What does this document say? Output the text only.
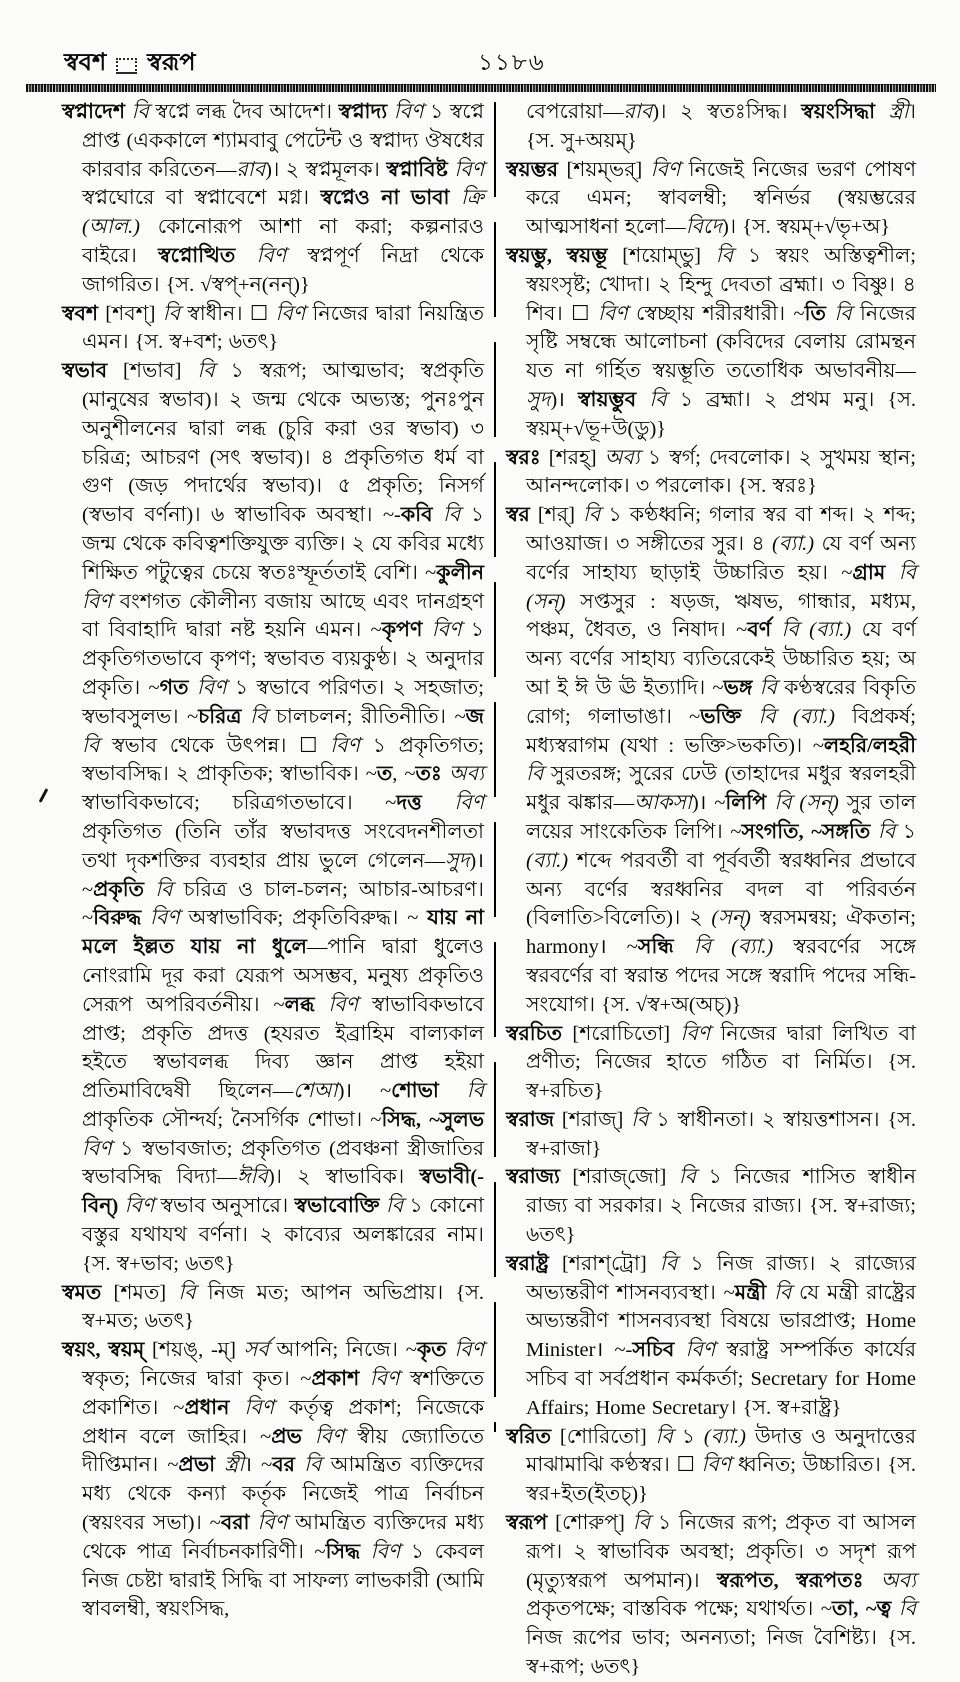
স্ববশ স্বরূপ	১১৮৬

স্বপ্নাদেশ বি স্বপ্নে লব্ধ দৈব আদেশ। স্বপ্নাদ্য বিণ ১ স্বপ্নে প্রাপ্ত (এককালে শ্যামবাবু পেটেন্ট ও স্বপ্নাদ্য ঔষধের কারবার করিতেন—রাব)। ২ স্বপ্নমূলক। স্বপ্নাবিষ্ট বিণ স্বপ্নঘোরে বা স্বপ্নাবেশে মগ্ন। স্বপ্নেও না ভাবা ক্রি (আল.) কোনোরূপ আশা না করা; কল্পনারও বাইরে। স্বপ্নোত্থিত বিণ স্বপ্নপূর্ণ নিদ্রা থেকে জাগরিত। {স. √স্বপ্+ন(নন্)}

স্ববশ [শবশ্] বি স্বাধীন। ☐ বিণ নিজের দ্বারা নিয়ন্ত্রিত এমন। {স. স্ব+বশ; ৬তৎ}

স্বভাব [শভাব] বি ১ স্বরূপ; আত্মভাব; স্বপ্রকৃতি (মানুষের স্বভাব)। ২ জন্ম থেকে অভ্যস্ত; পুনঃপুন অনুশীলনের দ্বারা লব্ধ (চুরি করা ওর স্বভাব) ৩ চরিত্র; আচরণ (সৎ স্বভাব)। ৪ প্রকৃতিগত ধর্ম বা গুণ (জড় পদার্থের স্বভাব)। ৫ প্রকৃতি; নিসর্গ (স্বভাব বর্ণনা)। ৬ স্বাভাবিক অবস্থা। ~-কবি বি ১ জন্ম থেকে কবিত্বশক্তিযুক্ত ব্যক্তি। ২ যে কবির মধ্যে শিক্ষিত পটুত্বের চেয়ে স্বতঃস্ফূর্ততাই বেশি। ~কুলীন বিণ বংশগত কৌলীন্য বজায় আছে এবং দানগ্রহণ বা বিবাহাদি দ্বারা নষ্ট হয়নি এমন। ~কৃপণ বিণ ১ প্রকৃতিগতভাবে কৃপণ; স্বভাবত ব্যয়কুণ্ঠ। ২ অনুদার প্রকৃতি। ~গত বিণ ১ স্বভাবে পরিণত। ২ সহজাত; স্বভাবসুলভ। ~চরিত্র বি চালচলন; রীতিনীতি। ~জ বি স্বভাব থেকে উৎপন্ন। ☐ বিণ ১ প্রকৃতিগত; স্বভাবসিদ্ধ। ২ প্রাকৃতিক; স্বাভাবিক। ~ত, ~তঃ অব্য স্বাভাবিকভাবে; চরিত্রগতভাবে। ~দত্ত বিণ প্রকৃতিগত (তিনি তাঁর স্বভাবদত্ত সংবেদনশীলতা তথা দৃকশক্তির ব্যবহার প্রায় ভুলে গেলেন—সুদ)। ~প্রকৃতি বি চরিত্র ও চাল-চলন; আচার-আচরণ। ~বিরুদ্ধ বিণ অস্বাভাবিক; প্রকৃতিবিরুদ্ধ। ~ যায় না মলে ইল্লত যায় না ধুলে—পানি দ্বারা ধুলেও নোংরামি দূর করা যেরূপ অসম্ভব, মনুষ্য প্রকৃতিও সেরূপ অপরিবর্তনীয়। ~লব্ধ বিণ স্বাভাবিকভাবে প্রাপ্ত; প্রকৃতি প্রদত্ত (হযরত ইব্রাহিম বাল্যকাল হইতে স্বভাবলব্ধ দিব্য জ্ঞান প্রাপ্ত হইয়া প্রতিমাবিদ্বেষী ছিলেন—শেআ)। ~শোভা বি প্রাকৃতিক সৌন্দর্য; নৈসর্গিক শোভা। ~সিদ্ধ, ~সুলভ বিণ ১ স্বভাবজাত; প্রকৃতিগত (প্রবঞ্চনা স্ত্রীজাতির স্বভাবসিদ্ধ বিদ্যা—ঈবি)। ২ স্বাভাবিক। স্বভাবী(-বিন্) বিণ স্বভাব অনুসারে। স্বভাবোক্তি বি ১ কোনো বস্তুর যথাযথ বর্ণনা। ২ কাব্যের অলঙ্কারের নাম। {স. স্ব+ভাব; ৬তৎ}

স্বমত [শমত] বি নিজ মত; আপন অভিপ্রায়। {স. স্ব+মত; ৬তৎ}

স্বয়ং, স্বয়ম্ [শয়ঙ্, -ম্] সর্ব আপনি; নিজে। ~কৃত বিণ স্বকৃত; নিজের দ্বারা কৃত। ~প্রকাশ বিণ স্বশক্তিতে প্রকাশিত। ~প্রধান বিণ কর্তৃত্ব প্রকাশ; নিজেকে প্রধান বলে জাহির। ~প্রভ বিণ স্বীয় জ্যোতিতে দীপ্তিমান। ~প্রভা স্ত্রী। ~বর বি আমন্ত্রিত ব্যক্তিদের মধ্য থেকে কন্যা কর্তৃক নিজেই পাত্র নির্বাচন (স্বয়ংবর সভা)। ~বরা বিণ আমন্ত্রিত ব্যক্তিদের মধ্য থেকে পাত্র নির্বাচনকারিণী। ~সিদ্ধ বিণ ১ কেবল নিজ চেষ্টা দ্বারাই সিদ্ধি বা সাফল্য লাভকারী (আমি স্বাবলম্বী, স্বয়ংসিদ্ধ,

বেপরোয়া—রাব)। ২ স্বতঃসিদ্ধ। স্বয়ংসিদ্ধা স্ত্রী। {স. সু+অয়ম্}

স্বয়ম্ভর [শয়ম্‌ভর্] বিণ নিজেই নিজের ভরণ পোষণ করে এমন; স্বাবলম্বী; স্বনির্ভর (স্বয়ম্ভরের আত্মসাধনা হলো—বিদে)। {স. স্বয়ম্+√ভৃ+অ}

স্বয়ম্ভু, স্বয়ম্ভূ [শয়োম্‌ভু] বি ১ স্বয়ং অস্তিত্বশীল; স্বয়ংসৃষ্ট; খোদা। ২ হিন্দু দেবতা ব্রহ্মা। ৩ বিষ্ণু। ৪ শিব। ☐ বিণ স্বেচ্ছায় শরীরধারী। ~তি বি নিজের সৃষ্টি সম্বন্ধে আলোচনা (কবিদের বেলায় রোমন্থন যত না গর্হিত স্বয়ম্ভূতি ততোধিক অভাবনীয়—সুদ)। স্বায়ম্ভুব বি ১ ব্রহ্মা। ২ প্রথম মনু। {স. স্বয়ম্+√ভূ+উ(ডু)}

স্বরঃ [শরহ্] অব্য ১ স্বর্গ; দেবলোক। ২ সুখময় স্থান; আনন্দলোক। ৩ পরলোক। {স. স্বরঃ}

স্বর [শর্] বি ১ কণ্ঠধ্বনি; গলার স্বর বা শব্দ। ২ শব্দ; আওয়াজ। ৩ সঙ্গীতের সুর। ৪ (ব্যা.) যে বর্ণ অন্য বর্ণের সাহায্য ছাড়াই উচ্চারিত হয়। ~গ্রাম বি (সন্) সপ্তসুর : ষড়জ, ঋষভ, গান্ধার, মধ্যম, পঞ্চম, ধৈবত, ও নিষাদ। ~বর্ণ বি (ব্যা.) যে বর্ণ অন্য বর্ণের সাহায্য ব্যতিরেকেই উচ্চারিত হয়; অ আ ই ঈ উ ঊ ইত্যাদি। ~ভঙ্গ বি কণ্ঠস্বরের বিকৃতি রোগ; গলাভাঙা। ~ভক্তি বি (ব্যা.) বিপ্রকর্ষ; মধ্যস্বরাগম (যথা : ভক্তি>ভকতি)। ~লহরি/লহরী বি সুরতরঙ্গ; সুরের ঢেউ (তাহাদের মধুর স্বরলহরী মধুর ঝঙ্কার—আকসা)। ~লিপি বি (সন্) সুর তাল লয়ের সাংকেতিক লিপি। ~সংগতি, ~সঙ্গতি বি ১ (ব্যা.) শব্দে পরবর্তী বা পূর্ববর্তী স্বরধ্বনির প্রভাবে অন্য বর্ণের স্বরধ্বনির বদল বা পরিবর্তন (বিলাতি>বিলেতি)। ২ (সন্) স্বরসমন্বয়; ঐকতান; harmony। ~সন্ধি বি (ব্যা.) স্বরবর্ণের সঙ্গে স্বরবর্ণের বা স্বরান্ত পদের সঙ্গে স্বরাদি পদের সন্ধি-সংযোগ। {স. √স্ব+অ(অচ্)}

স্বরচিত [শরোচিতো] বিণ নিজের দ্বারা লিখিত বা প্রণীত; নিজের হাতে গঠিত বা নির্মিত। {স. স্ব+রচিত}

স্বরাজ [শরাজ্] বি ১ স্বাধীনতা। ২ স্বায়ত্তশাসন। {স. স্ব+রাজা}

স্বরাজ্য [শরাজ্‌জো] বি ১ নিজের শাসিত স্বাধীন রাজ্য বা সরকার। ২ নিজের রাজ্য। {স. স্ব+রাজ্য; ৬তৎ}

স্বরাষ্ট্র [শরাশ্‌ট্রো] বি ১ নিজ রাজ্য। ২ রাজ্যের অভ্যন্তরীণ শাসনব্যবস্থা। ~মন্ত্রী বি যে মন্ত্রী রাষ্ট্রের অভ্যন্তরীণ শাসনব্যবস্থা বিষয়ে ভারপ্রাপ্ত; Home Minister। ~-সচিব বিণ স্বরাষ্ট্র সম্পর্কিত কার্যের সচিব বা সর্বপ্রধান কর্মকর্তা; Secretary for Home Affairs; Home Secretary। {স. স্ব+রাষ্ট্র}

স্বরিত [শোরিতো] বি ১ (ব্যা.) উদাত্ত ও অনুদাত্তের মাঝামাঝি কণ্ঠস্বর। ☐ বিণ ধ্বনিত; উচ্চারিত। {স. স্বর+ইত(ইতচ্)}

স্বরূপ [শোরুপ্] বি ১ নিজের রূপ; প্রকৃত বা আসল রূপ। ২ স্বাভাবিক অবস্থা; প্রকৃতি। ৩ সদৃশ রূপ (মৃত্যুস্বরূপ অপমান)। স্বরূপত, স্বরূপতঃ অব্য প্রকৃতপক্ষে; বাস্তবিক পক্ষে; যথার্থত। ~তা, ~ত্ব বি নিজ রূপের ভাব; অনন্যতা; নিজ বৈশিষ্ট্য। {স. স্ব+রূপ; ৬তৎ}
